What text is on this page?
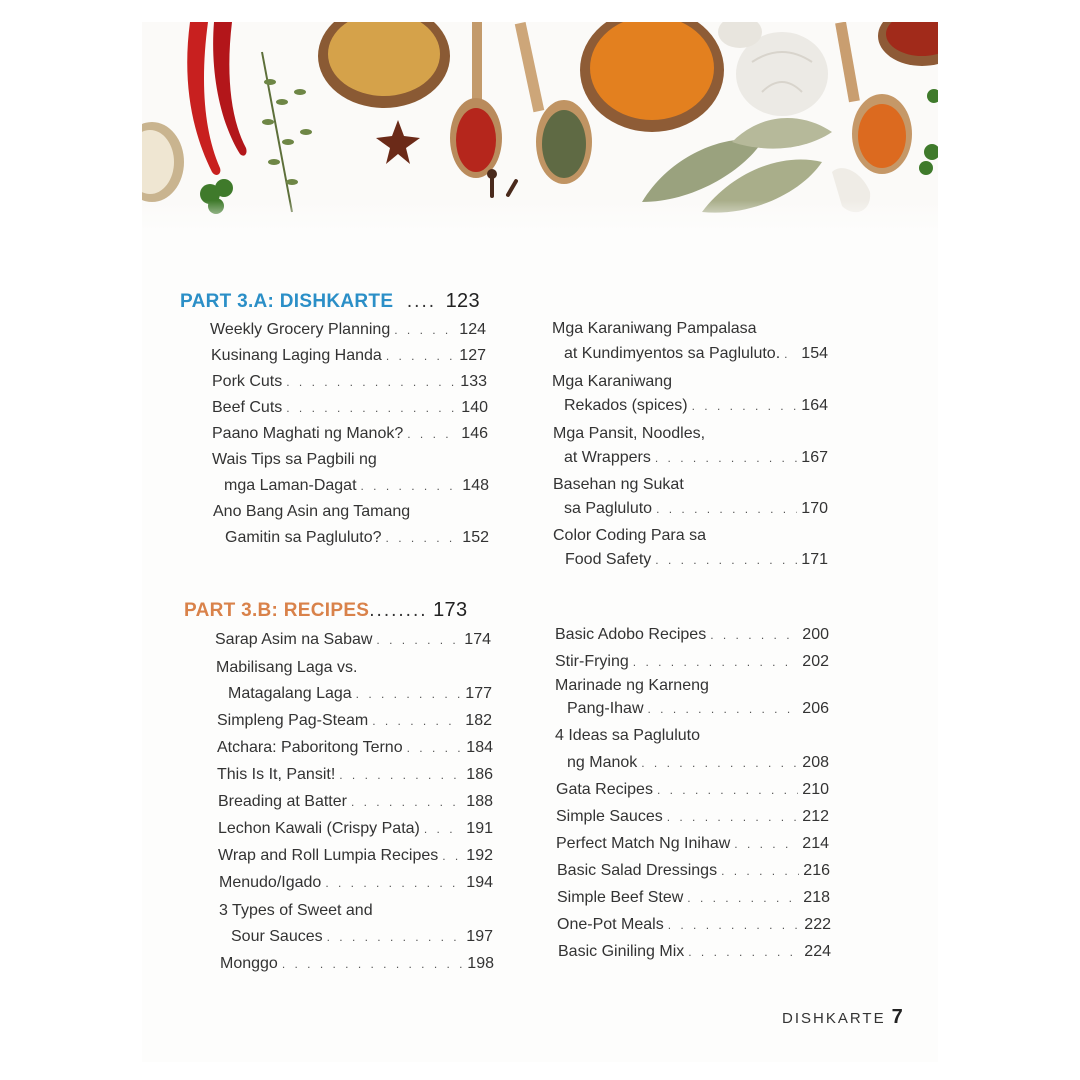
PART 3.A: DISHKARTE .... 123
Weekly Grocery Planning . . .	124
Kusinang Laging Handa . . .	127
Pork Cuts . . .	133
Beef Cuts . . .	140
Paano Maghati ng Manok? . . .	146
Wais Tips sa Pagbili ng
mga Laman-Dagat . . .	148
Ano Bang Asin ang Tamang
Gamitin sa Pagluluto? . . .	152
Mga Karaniwang Pampalasa
at Kundimyentos sa Pagluluto. . . . 154
Mga Karaniwang
Rekados (spices) . . .	164
Mga Pansit, Noodles,
at Wrappers . . .	167
Basehan ng Sukat
sa Pagluluto . . .	170
Color Coding Para sa
Food Safety . . .	171
PART 3.B: RECIPES........ 173
Sarap Asim na Sabaw . . .	174
Mabilisang Laga vs.
Matagalang Laga . . .	177
Simpleng Pag-Steam . . .	182
Atchara: Paboritong Terno . . .	184
This Is It, Pansit! . . .	186
Breading at Batter . . .	188
Lechon Kawali (Crispy Pata) . . .	191
Wrap and Roll Lumpia Recipes . . . 192
Menudo/Igado . . .	194
3 Types of Sweet and
Sour Sauces . . .	197
Monggo . . .	198
Basic Adobo Recipes . . .	200
Stir-Frying . . .	202
Marinade ng Karneng
Pang-Ihaw . . .	206
4 Ideas sa Pagluluto
ng Manok . . .	208
Gata Recipes . . .	210
Simple Sauces . . .	212
Perfect Match Ng Inihaw . . .	214
Basic Salad Dressings . . .	216
Simple Beef Stew . . .	218
One-Pot Meals . . .	222
Basic Giniling Mix . . .	224
DISHKARTE 7
